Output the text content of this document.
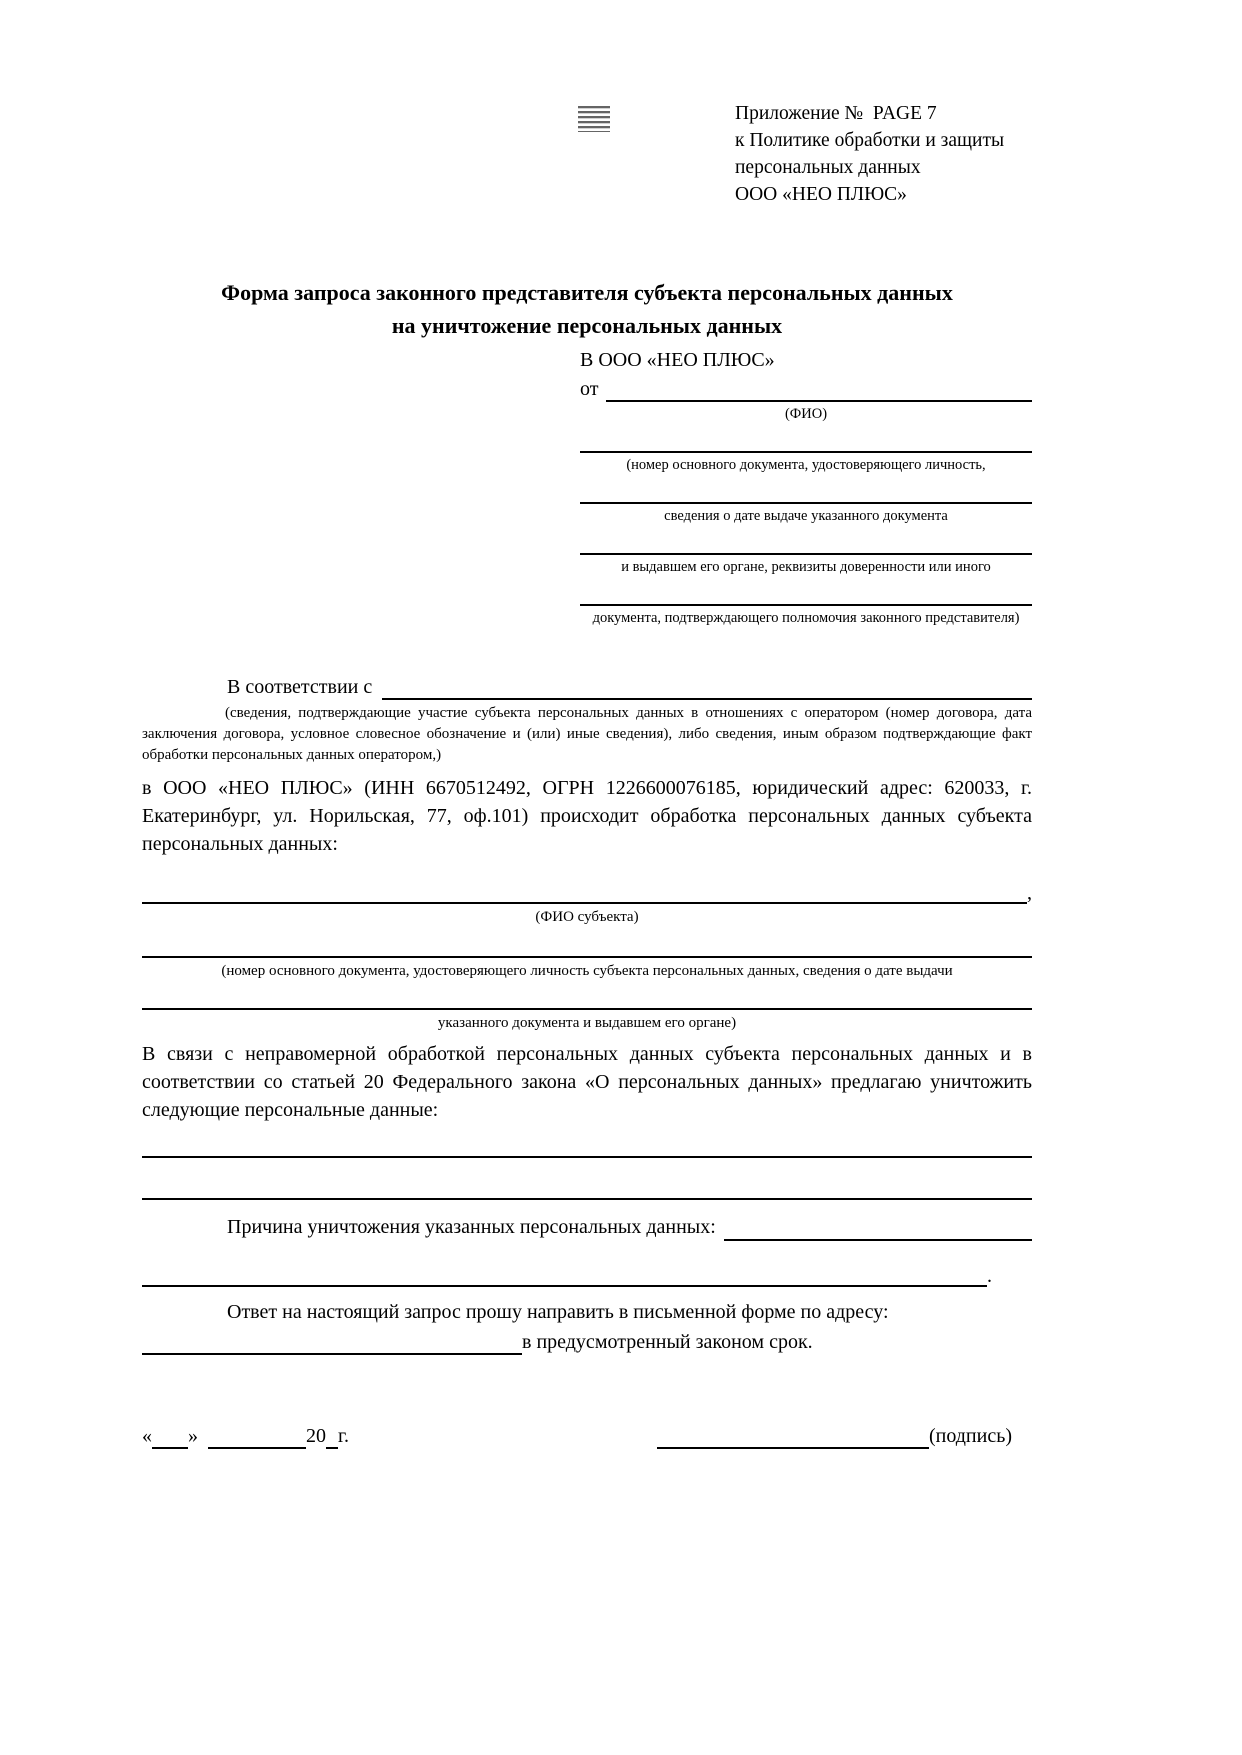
Приложение №  PAGE 7
к Политике обработки и защиты
персональных данных
ООО «НЕО ПЛЮС»
Форма запроса законного представителя субъекта персональных данных
на уничтожение персональных данных
В ООО «НЕО ПЛЮС»
от
(ФИО)
(номер основного документа, удостоверяющего личность,
сведения о дате выдаче указанного документа
и выдавшем его органе, реквизиты доверенности или иного
документа, подтверждающего полномочия законного представителя)
В соответствии с
(сведения, подтверждающие участие субъекта персональных данных в отношениях с оператором (номер договора, дата заключения договора, условное словесное обозначение и (или) иные сведения), либо сведения, иным образом подтверждающие факт обработки персональных данных оператором,)
в ООО «НЕО ПЛЮС» (ИНН 6670512492, ОГРН 1226600076185, юридический адрес: 620033, г. Екатеринбург, ул. Норильская, 77, оф.101) происходит обработка персональных данных субъекта персональных данных:
,
(ФИО субъекта)
(номер основного документа, удостоверяющего личность субъекта персональных данных, сведения о дате выдачи
указанного документа и выдавшем его органе)
В связи с неправомерной обработкой персональных данных субъекта персональных данных и в соответствии со статьей 20 Федерального закона «О персональных данных» предлагаю уничтожить следующие персональные данные:
Причина уничтожения указанных персональных данных:
.
Ответ на настоящий запрос прошу направить в письменной форме по адресу:
в предусмотренный законом срок.
« »	20 г.	(подпись)
